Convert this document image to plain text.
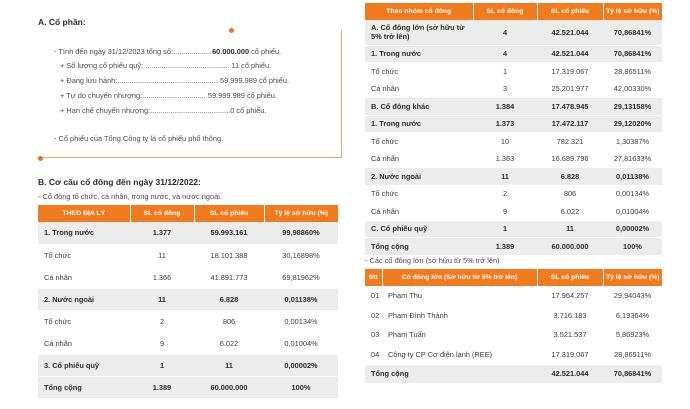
A. Cổ phần:
- Tính đến ngày 31/12/2023 tổng số:...................60.000.000 cổ phiếu.
+ Số lượng cổ phiếu quỹ: ......................................... 11 cổ phiếu.
+ Đang lưu hành:................................................. 59.999.989 cổ phiếu.
+ Tự do chuyển nhượng:............................... 59.999.989 cổ phiếu.
+ Hạn chế chuyển nhượng:.......................................0 cổ phiếu.
- Cổ phiếu của Tổng Công ty là cổ phiếu phổ thông.
B. Cơ cấu cổ đông đến ngày 31/12/2022:
- Cổ đông tổ chức, cá nhân, trong nước, và nước ngoài.
THEO ĐỊA LÝ	SL cổ đông	SL cổ phiếu	Tỷ lệ sở hữu (%)
1. Trong nước	1.377	59.993.161	99,98860%
Tổ chức	11	18.101.388	30,16898%
Cá nhân	1.366	41.891.773	69,81962%
2. Nước ngoài	11	6.828	0,01138%
Tổ chức	2	806	0,00134%
Cá nhân	9	6.022	0,01004%
3. Cổ phiếu quỹ	1	11	0,00002%
Tổng cộng	1.389	60.000.000	100%
Theo nhóm cổ đông	SL cổ đông	SL cổ phiếu	Tỷ lệ sở hữu (%)
A. Cổ đông lớn (sở hữu từ 5% trở lên)	4	42.521.044	70,86841%
1. Trong nước	4	42.521.044	70,86841%
Tổ chức	1	17.319.067	28,86511%
Cá nhân	3	25.201.977	42,00330%
B. Cổ đông khác	1.384	17.478.945	29,13158%
1. Trong nước	1.373	17.472.117	29,12020%
Tổ chức	10	782.321	1,30387%
Cá nhân	1.363	16.689.796	27,81633%
2. Nước ngoài	11	6.828	0,01138%
Tổ chức	2	806	0,00134%
Cá nhân	9	6.022	0,01004%
C. Cổ phiếu quỹ	1	11	0,00002%
Tổng cộng	1.389	60.000.000	100%
- Các cổ đông lớn (sở hữu từ 5% trở lên)
Stt	Cổ đông lớn (Sở hữu từ 5% trở lên)	SL cổ phiếu	Tỷ lệ sở hữu (%)
01	Phạm Thu	17.964.257	29,94043%
02	Phạm Đình Thành	3.716.183	6,19364%
03	Phạm Tuấn	3.521.537	5,86923%
04	Công ty CP Cơ điện lạnh (REE)	17.319.067	28,86511%
Tổng cộng		42.521.044	70,86841%
